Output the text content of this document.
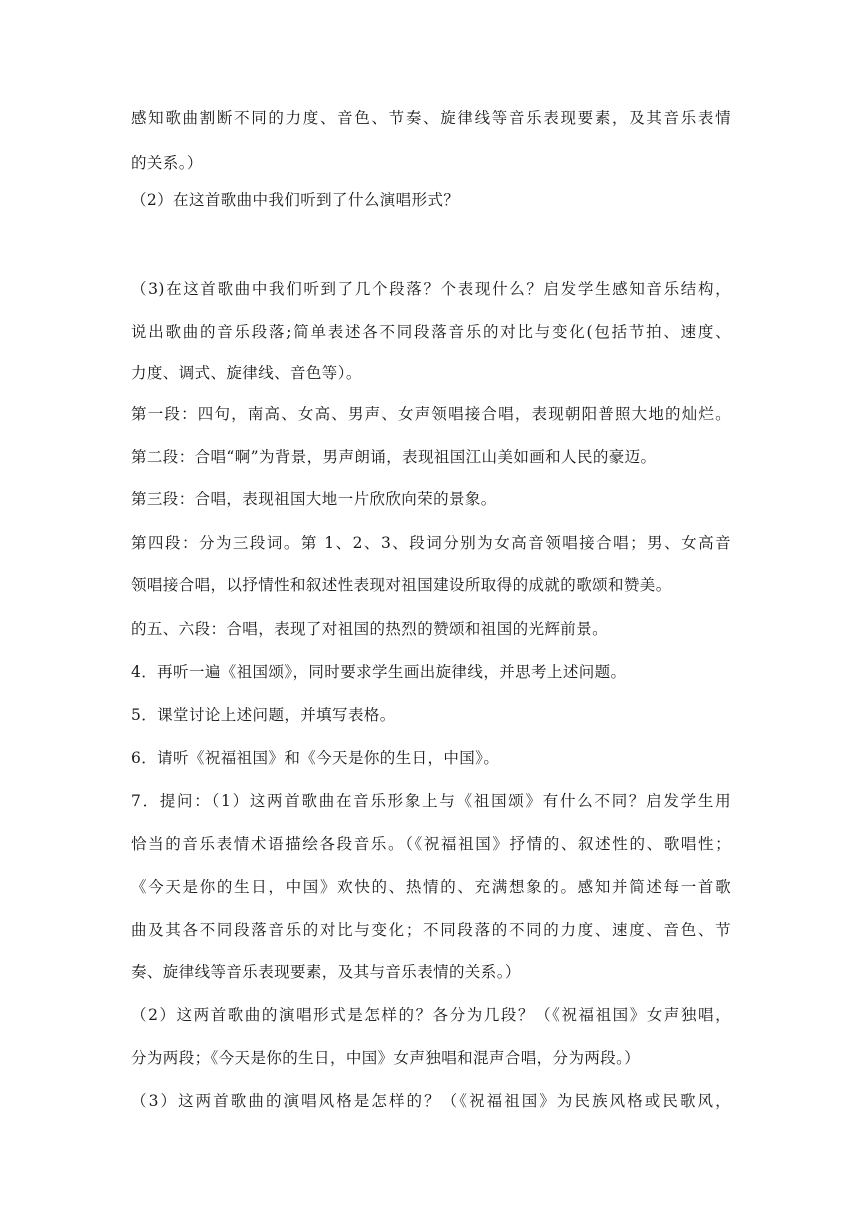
感知歌曲割断不同的力度、音色、节奏、旋律线等音乐表现要素，及其音乐表情
的关系。）
（2）在这首歌曲中我们听到了什么演唱形式？
（3)在这首歌曲中我们听到了几个段落？个表现什么？启发学生感知音乐结构，
说出歌曲的音乐段落;简单表述各不同段落音乐的对比与变化(包括节拍、速度、
力度、调式、旋律线、音色等）。
第一段：四句，南高、女高、男声、女声领唱接合唱，表现朝阳普照大地的灿烂。
第二段：合唱“啊”为背景，男声朗诵，表现祖国江山美如画和人民的豪迈。
第三段：合唱，表现祖国大地一片欣欣向荣的景象。
第四段：分为三段词。第 1、2、3、段词分别为女高音领唱接合唱；男、女高音
领唱接合唱，以抒情性和叙述性表现对祖国建设所取得的成就的歌颂和赞美。
的五、六段：合唱，表现了对祖国的热烈的赞颂和祖国的光辉前景。
4．再听一遍《祖国颂》，同时要求学生画出旋律线，并思考上述问题。
5．课堂讨论上述问题，并填写表格。
6．请听《祝福祖国》和《今天是你的生日，中国》。
7．提问：（1）这两首歌曲在音乐形象上与《祖国颂》有什么不同？启发学生用
恰当的音乐表情术语描绘各段音乐。（《祝福祖国》抒情的、叙述性的、歌唱性；
《今天是你的生日，中国》欢快的、热情的、充满想象的。感知并简述每一首歌
曲及其各不同段落音乐的对比与变化；不同段落的不同的力度、速度、音色、节
奏、旋律线等音乐表现要素，及其与音乐表情的关系。）
（2）这两首歌曲的演唱形式是怎样的？各分为几段？（《祝福祖国》女声独唱，
分为两段；《今天是你的生日，中国》女声独唱和混声合唱，分为两段。）
（3）这两首歌曲的演唱风格是怎样的？（《祝福祖国》为民族风格或民歌风，
